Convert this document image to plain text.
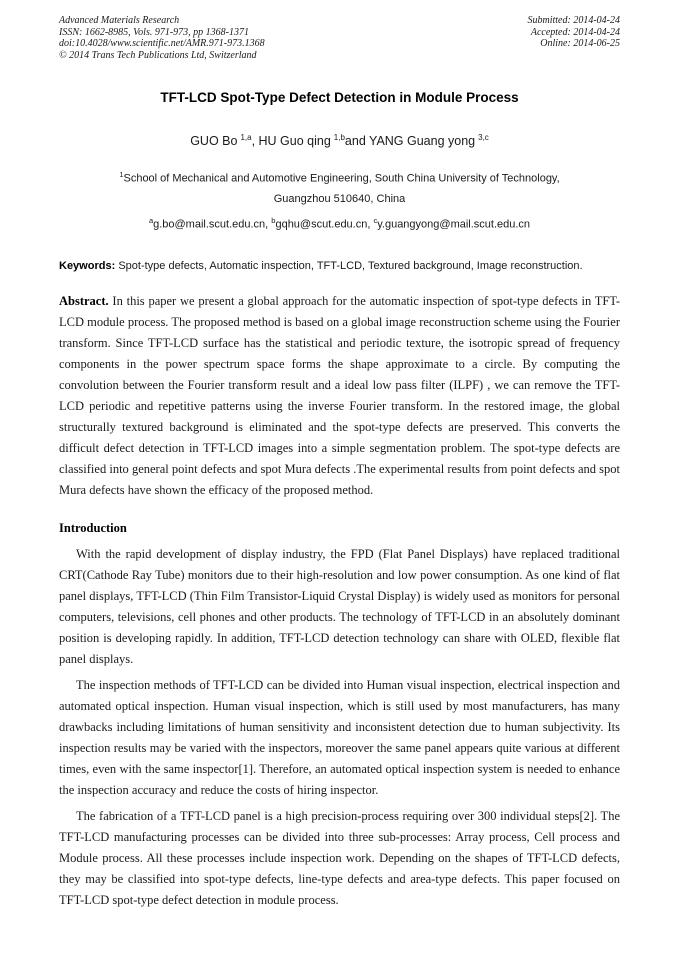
Advanced Materials Research
ISSN: 1662-8985, Vols. 971-973, pp 1368-1371
doi:10.4028/www.scientific.net/AMR.971-973.1368
© 2014 Trans Tech Publications Ltd, Switzerland
Submitted: 2014-04-24
Accepted: 2014-04-24
Online: 2014-06-25
TFT-LCD Spot-Type Defect Detection in Module Process
GUO Bo $^{1,a}$, HU Guo qing $^{1,b}$and YANG Guang yong $^{3,c}$
$^1$School of Mechanical and Automotive Engineering, South China University of Technology,
Guangzhou 510640, China
$^a$g.bo@mail.scut.edu.cn, $^b$gqhu@scut.edu.cn, $^c$y.guangyong@mail.scut.edu.cn
Keywords: Spot-type defects, Automatic inspection, TFT-LCD, Textured background, Image reconstruction.

Abstract. In this paper we present a global approach for the automatic inspection of spot-type defects in TFT-LCD module process. The proposed method is based on a global image reconstruction scheme using the Fourier transform. Since TFT-LCD surface has the statistical and periodic texture, the isotropic spread of frequency components in the power spectrum space forms the shape approximate to a circle. By computing the convolution between the Fourier transform result and a ideal low pass filter (ILPF) , we can remove the TFT-LCD periodic and repetitive patterns using the inverse Fourier transform. In the restored image, the global structurally textured background is eliminated and the spot-type defects are preserved. This converts the difficult defect detection in TFT-LCD images into a simple segmentation problem. The spot-type defects are classified into general point defects and spot Mura defects .The experimental results from point defects and spot Mura defects have shown the efficacy of the proposed method.

Introduction

With the rapid development of display industry, the FPD (Flat Panel Displays) have replaced traditional CRT(Cathode Ray Tube) monitors due to their high-resolution and low power consumption. As one kind of flat panel displays, TFT-LCD (Thin Film Transistor-Liquid Crystal Display) is widely used as monitors for personal computers, televisions, cell phones and other products. The technology of TFT-LCD in an absolutely dominant position is developing rapidly. In addition, TFT-LCD detection technology can share with OLED, flexible flat panel displays.

The inspection methods of TFT-LCD can be divided into Human visual inspection, electrical inspection and automated optical inspection. Human visual inspection, which is still used by most manufacturers, has many drawbacks including limitations of human sensitivity and inconsistent detection due to human subjectivity. Its inspection results may be varied with the inspectors, moreover the same panel appears quite various at different times, even with the same inspector[1]. Therefore, an automated optical inspection system is needed to enhance the inspection accuracy and reduce the costs of hiring inspector.

The fabrication of a TFT-LCD panel is a high precision-process requiring over 300 individual steps[2]. The TFT-LCD manufacturing processes can be divided into three sub-processes: Array process, Cell process and Module process. All these processes include inspection work. Depending on the shapes of TFT-LCD defects, they may be classified into spot-type defects, line-type defects and area-type defects. This paper focused on TFT-LCD spot-type defect detection in module process.
